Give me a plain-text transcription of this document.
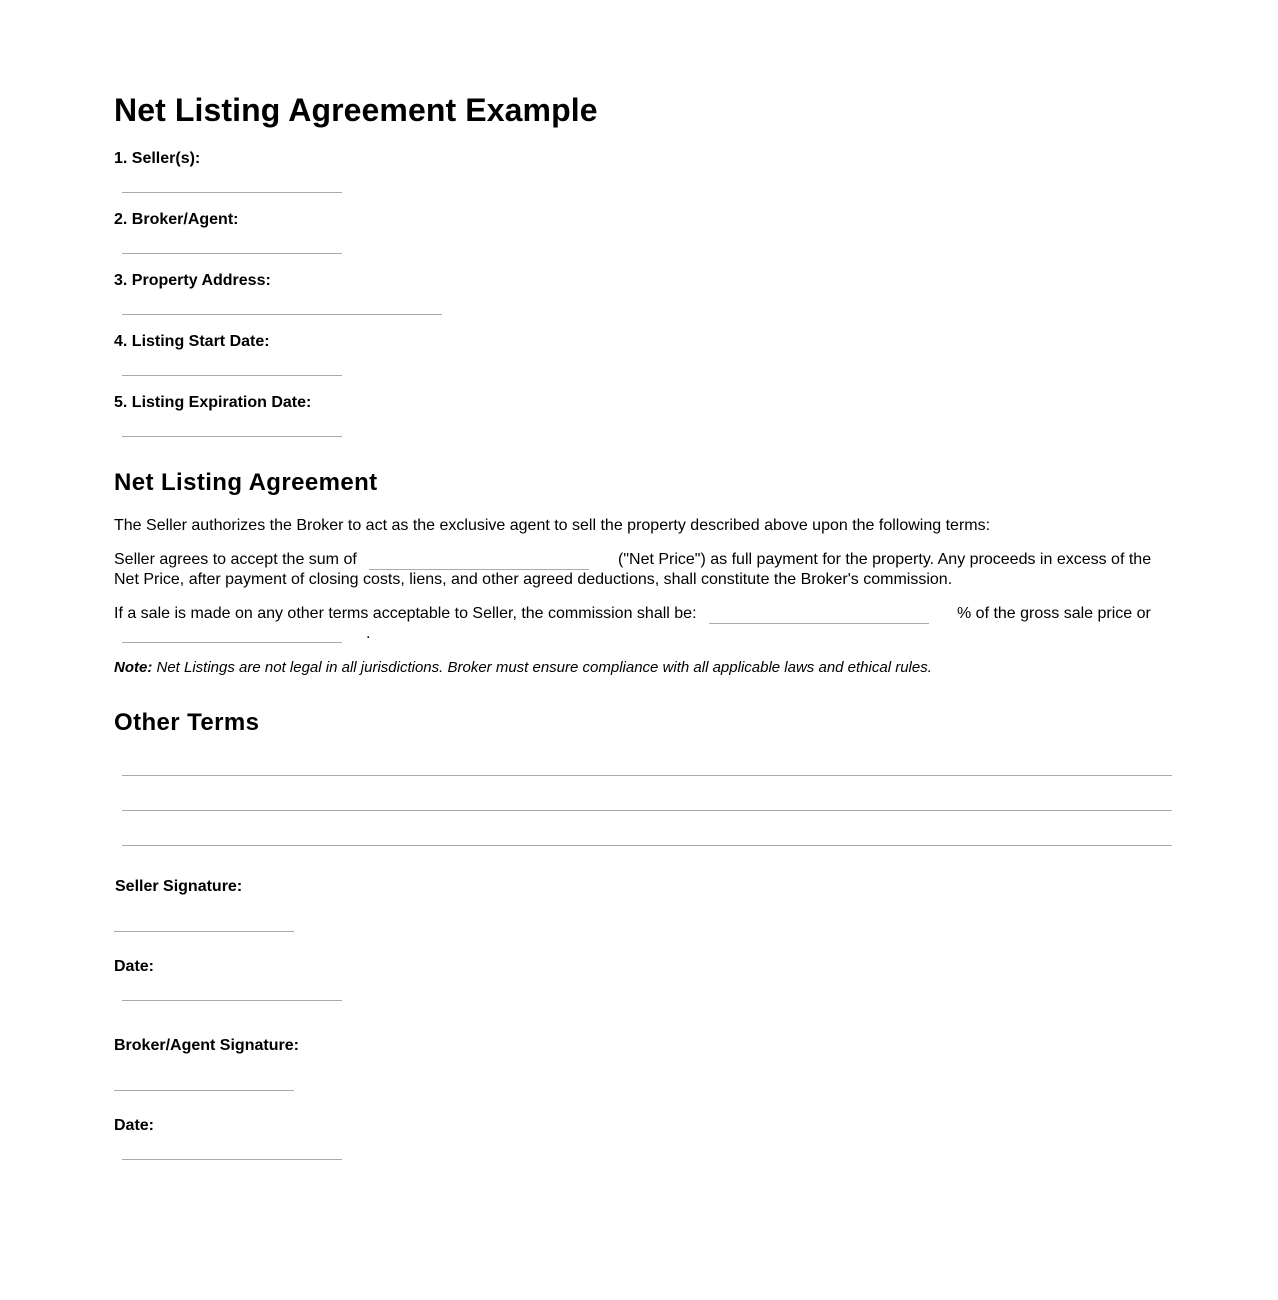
Net Listing Agreement Example
1. Seller(s):
2. Broker/Agent:
3. Property Address:
4. Listing Start Date:
5. Listing Expiration Date:
Net Listing Agreement
The Seller authorizes the Broker to act as the exclusive agent to sell the property described above upon the following terms:
Seller agrees to accept the sum of	("Net Price") as full payment for the property. Any proceeds in excess of the
Net Price, after payment of closing costs, liens, and other agreed deductions, shall constitute the Broker's commission.
If a sale is made on any other terms acceptable to Seller, the commission shall be:	% of the gross sale price or
.
Note: Net Listings are not legal in all jurisdictions. Broker must ensure compliance with all applicable laws and ethical rules.
Other Terms
Seller Signature:
Date:
Broker/Agent Signature:
Date:
